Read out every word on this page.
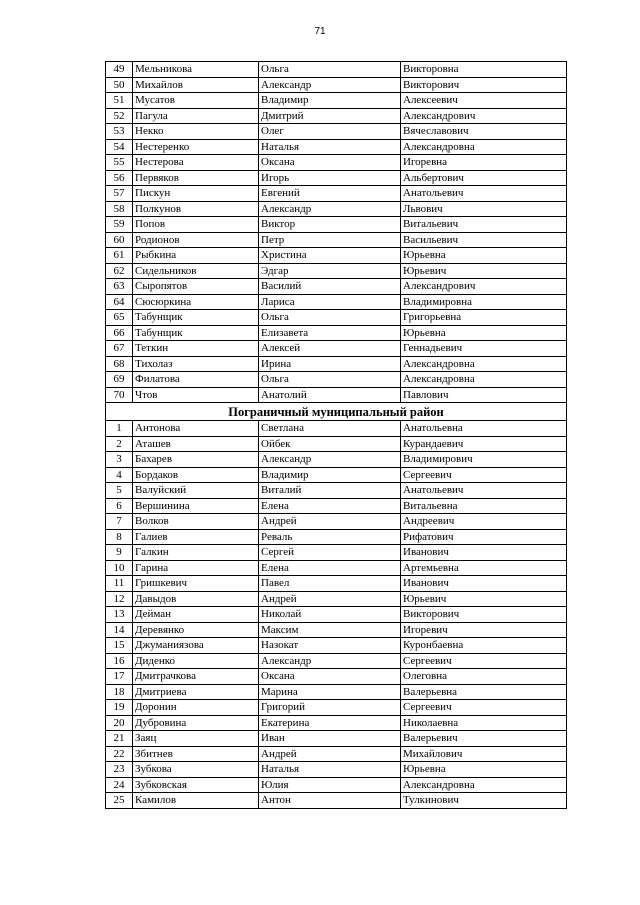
71
49	Мельникова	Ольга	Викторовна
50	Михайлов	Александр	Викторович
51	Мусатов	Владимир	Алексеевич
52	Пагула	Дмитрий	Александрович
53	Некко	Олег	Вячеславович
54	Нестеренко	Наталья	Александровна
55	Нестерова	Оксана	Игоревна
56	Первяков	Игорь	Альбертович
57	Пискун	Евгений	Анатольевич
58	Полкунов	Александр	Львович
59	Попов	Виктор	Витальевич
60	Родионов	Петр	Васильевич
61	Рыбкина	Христина	Юрьевна
62	Сидельников	Эдгар	Юрьевич
63	Сыропятов	Василий	Александрович
64	Сюсюркина	Лариса	Владимировна
65	Табунщик	Ольга	Григорьевна
66	Табунщик	Елизавета	Юрьевна
67	Теткин	Алексей	Геннадьевич
68	Тихолаз	Ирина	Александровна
69	Филатова	Ольга	Александровна
70	Чтов	Анатолий	Павлович
Пограничный муниципальный район			
1	Антонова	Светлана	Анатольевна
2	Аташев	Ойбек	Курандаевич
3	Бахарев	Александр	Владимирович
4	Бордаков	Владимир	Сергеевич
5	Валуйский	Виталий	Анатольевич
6	Вершинина	Елена	Витальевна
7	Волков	Андрей	Андреевич
8	Галиев	Реваль	Рифатович
9	Галкин	Сергей	Иванович
10	Гарина	Елена	Артемьевна
11	Гришкевич	Павел	Иванович
12	Давыдов	Андрей	Юрьевич
13	Дейман	Николай	Викторович
14	Деревянко	Максим	Игоревич
15	Джуманиязова	Назокат	Куронбаевна
16	Диденко	Александр	Сергеевич
17	Дмитрачкова	Оксана	Олеговна
18	Дмитриева	Марина	Валерьевна
19	Доронин	Григорий	Сергеевич
20	Дубровина	Екатерина	Николаевна
21	Заяц	Иван	Валерьевич
22	Збитнев	Андрей	Михайлович
23	Зубкова	Наталья	Юрьевна
24	Зубковская	Юлия	Александровна
25	Камилов	Антон	Тулкинович
